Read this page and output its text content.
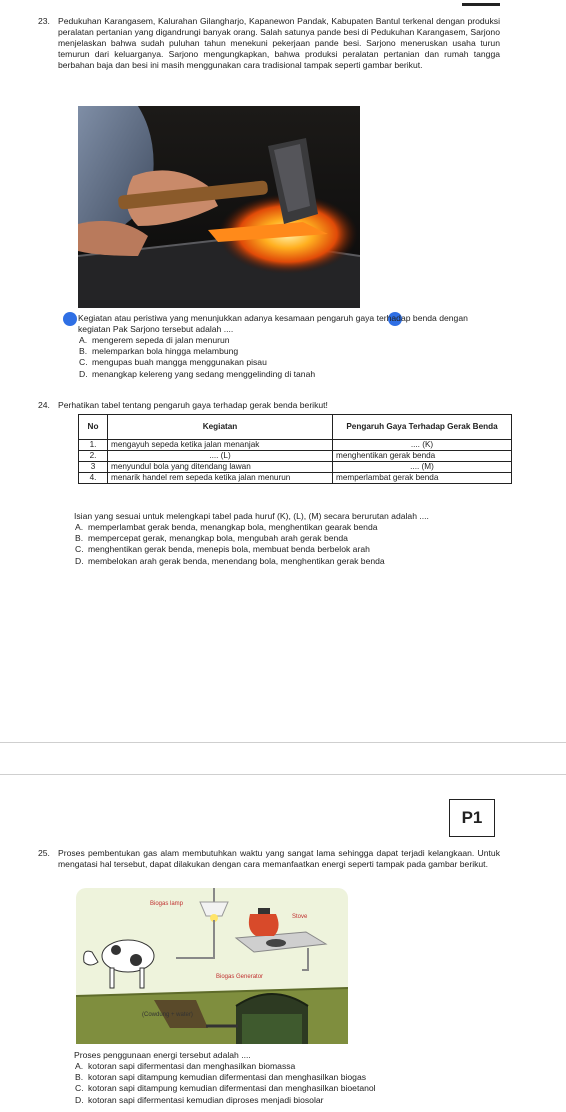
23. Pedukuhan Karangasem, Kalurahan Gilangharjo, Kapanewon Pandak, Kabupaten Bantul terkenal dengan produksi peralatan pertanian yang digandrungi banyak orang. Salah satunya pande besi di Pedukuhan Karangasem, Sarjono menjelaskan bahwa sudah puluhan tahun menekuni pekerjaan pande besi. Sarjono meneruskan usaha turun temurun dari keluarganya. Sarjono mengungkapkan, bahwa produksi peralatan pertanian dan rumah tangga berbahan baja dan besi ini masih menggunakan cara tradisional tampak seperti gambar berikut.

Kegiatan atau peristiwa yang menunjukkan adanya kesamaan pengaruh gaya terhadap benda dengan kegiatan Pak Sarjono tersebut adalah ....

A. mengerem sepeda di jalan menurun
B. melemparkan bola hingga melambung
C. mengupas buah mangga menggunakan pisau
D. menangkap kelereng yang sedang menggelinding di tanah
24. Perhatikan tabel tentang pengaruh gaya terhadap gerak benda berikut!

No	Kegiatan	Pengaruh Gaya Terhadap Gerak Benda
1.	mengayuh sepeda ketika jalan menanjak	.... (K)
2.	.... (L)	menghentikan gerak benda
3	menyundul bola yang ditendang lawan	.... (M)
4.	menarik handel rem sepeda ketika jalan menurun	memperlambat gerak benda

Isian yang sesuai untuk melengkapi tabel pada huruf (K), (L), (M) secara berurutan adalah ....

A. memperlambat gerak benda, menangkap bola, menghentikan gearak benda
B. mempercepat gerak, menangkap bola, mengubah arah gerak benda
C. menghentikan gerak benda, menepis bola, membuat benda berbelok arah
D. membelokan arah gerak benda, menendang bola, menghentikan gerak benda
P1
25. Proses pembentukan gas alam membutuhkan waktu yang sangat lama sehingga dapat terjadi kelangkaan. Untuk mengatasi hal tersebut, dapat dilakukan dengan cara memanfaatkan energi seperti tampak pada gambar berikut.

Biogas lamp
Stove
Biogas Generator
(Cowdung + water)

Proses penggunaan energi tersebut adalah ....

A. kotoran sapi difermentasi dan menghasilkan biomassa
B. kotoran sapi ditampung kemudian difermentasi dan menghasilkan biogas
C. kotoran sapi ditampung kemudian difermentasi dan menghasilkan bioetanol
D. kotoran sapi difermentasi kemudian diproses menjadi biosolar
